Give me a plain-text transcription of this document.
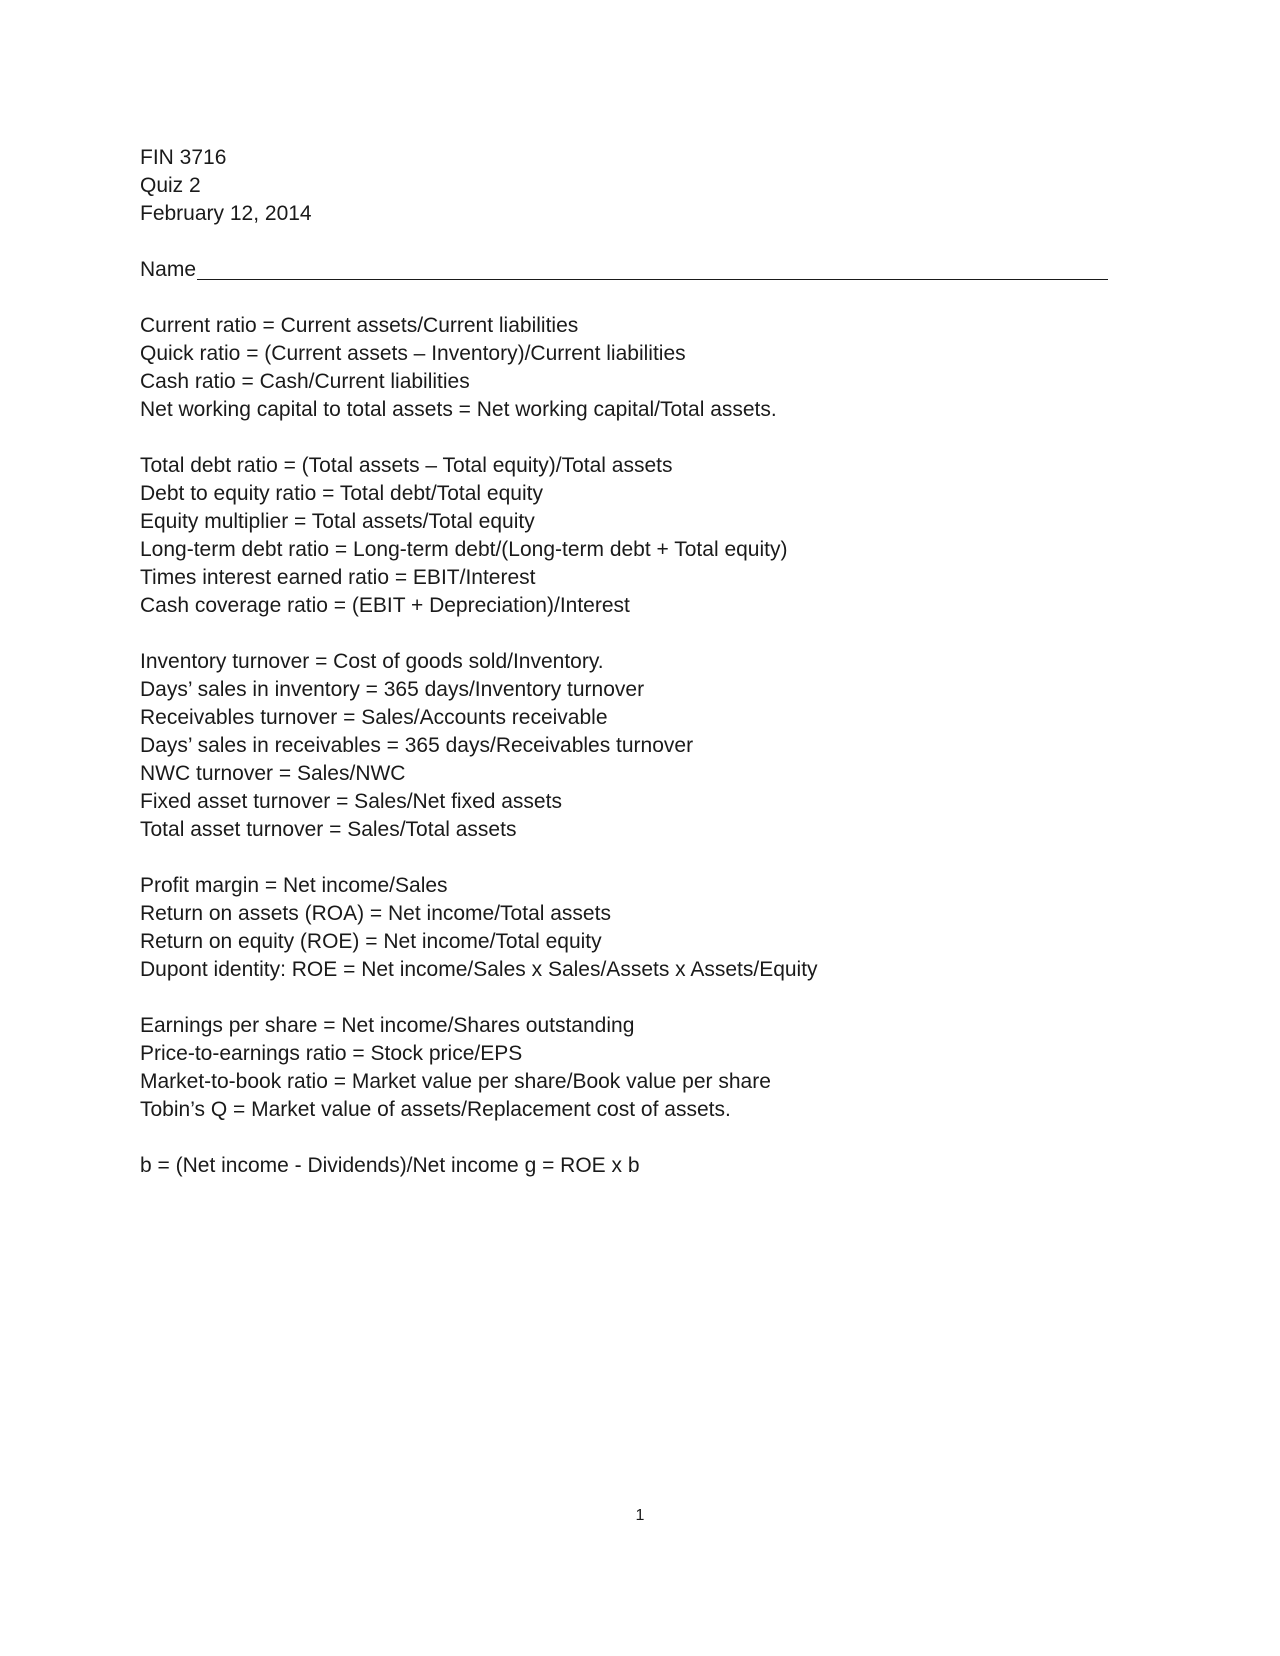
FIN 3716
Quiz 2
February 12, 2014
Name
Current ratio = Current assets/Current liabilities
Quick ratio = (Current assets – Inventory)/Current liabilities
Cash ratio = Cash/Current liabilities
Net working capital to total assets = Net working capital/Total assets.
Total debt ratio = (Total assets – Total equity)/Total assets
Debt to equity ratio = Total debt/Total equity
Equity multiplier = Total assets/Total equity
Long-term debt ratio = Long-term debt/(Long-term debt + Total equity)
Times interest earned ratio = EBIT/Interest
Cash coverage ratio = (EBIT + Depreciation)/Interest
Inventory turnover = Cost of goods sold/Inventory.
Days’ sales in inventory = 365 days/Inventory turnover
Receivables turnover = Sales/Accounts receivable
Days’ sales in receivables = 365 days/Receivables turnover
NWC turnover = Sales/NWC
Fixed asset turnover = Sales/Net fixed assets
Total asset turnover = Sales/Total assets
Profit margin = Net income/Sales
Return on assets (ROA) = Net income/Total assets
Return on equity (ROE) = Net income/Total equity
Dupont identity: ROE = Net income/Sales x Sales/Assets x Assets/Equity
Earnings per share = Net income/Shares outstanding
Price-to-earnings ratio = Stock price/EPS
Market-to-book ratio = Market value per share/Book value per share
Tobin’s Q = Market value of assets/Replacement cost of assets.
b = (Net income - Dividends)/Net income g = ROE x b
1
